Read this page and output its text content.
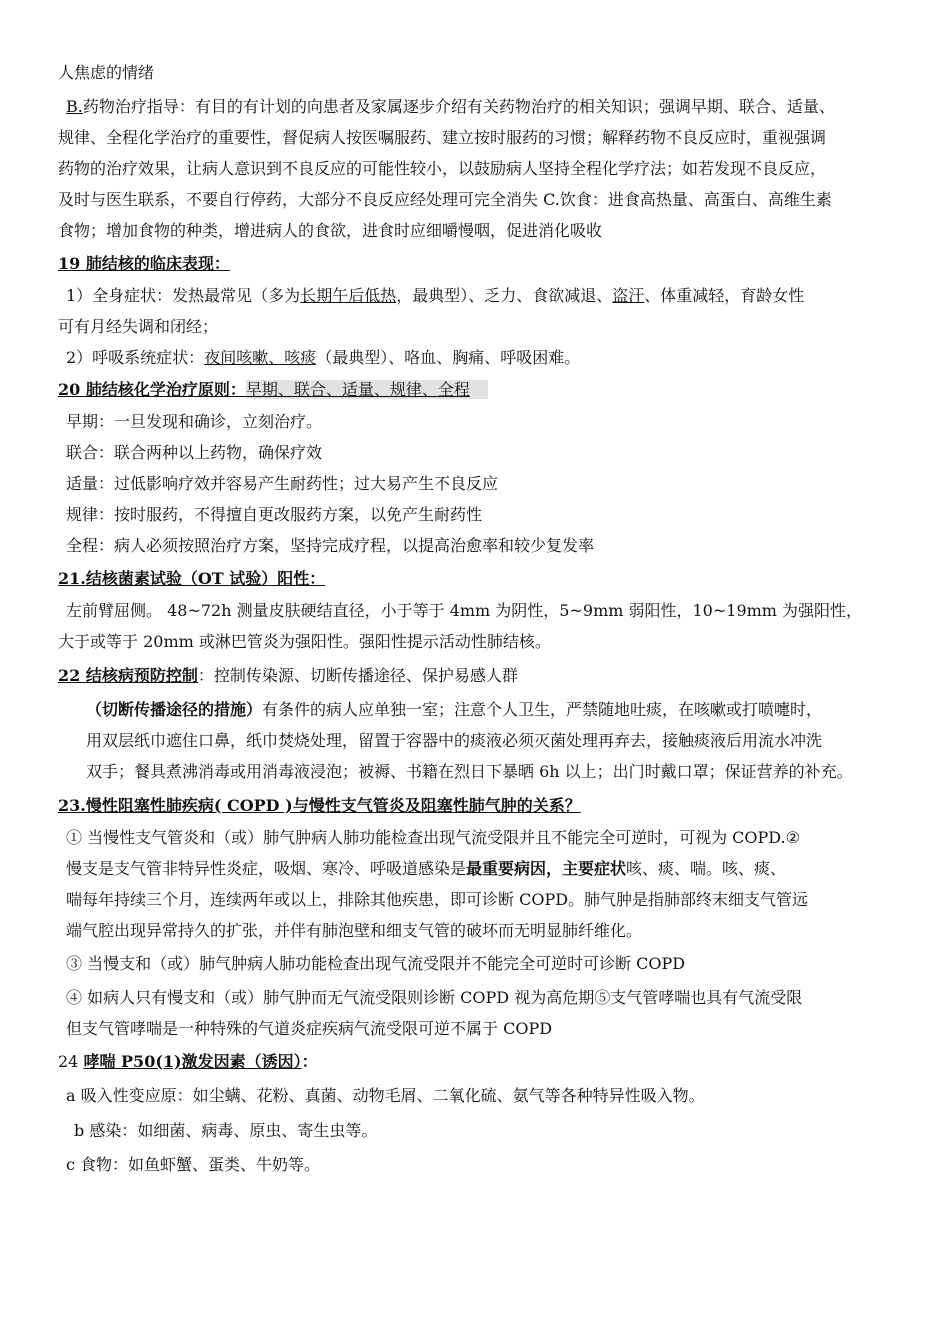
人焦虑的情绪
B.药物治疗指导：有目的有计划的向患者及家属逐步介绍有关药物治疗的相关知识；强调早期、联合、适量、
规律、全程化学治疗的重要性，督促病人按医嘱服药、建立按时服药的习惯；解释药物不良反应时，重视强调
药物的治疗效果，让病人意识到不良反应的可能性较小，以鼓励病人坚持全程化学疗法；如若发现不良反应，
及时与医生联系，不要自行停药，大部分不良反应经处理可完全消失 C.饮食：进食高热量、高蛋白、高维生素
食物；增加食物的种类，增进病人的食欲，进食时应细嚼慢咽，促进消化吸收
19 肺结核的临床表现：
1）全身症状：发热最常见（多为长期午后低热，最典型）、乏力、食欲减退、盗汗、体重减轻，育龄女性
可有月经失调和闭经；
2）呼吸系统症状：夜间咳嗽、咳痰（最典型）、咯血、胸痛、呼吸困难。
20 肺结核化学治疗原则：早期、联合、适量、规律、全程
早期：一旦发现和确诊，立刻治疗。
联合：联合两种以上药物，确保疗效
适量：过低影响疗效并容易产生耐药性；过大易产生不良反应
规律：按时服药，不得擅自更改服药方案，以免产生耐药性
全程：病人必须按照治疗方案，坚持完成疗程，以提高治愈率和较少复发率
21.结核菌素试验（OT 试验）阳性：
左前臂屈侧。 48~72h 测量皮肤硬结直径，小于等于 4mm 为阴性，5~9mm 弱阳性，10~19mm 为强阳性，
大于或等于 20mm 或淋巴管炎为强阳性。强阳性提示活动性肺结核。
22 结核病预防控制：控制传染源、切断传播途径、保护易感人群
（切断传播途径的措施）有条件的病人应单独一室；注意个人卫生，严禁随地吐痰，在咳嗽或打喷嚏时，
用双层纸巾遮住口鼻，纸巾焚烧处理，留置于容器中的痰液必须灭菌处理再弃去，接触痰液后用流水冲洗
双手；餐具煮沸消毒或用消毒液浸泡；被褥、书籍在烈日下暴晒 6h 以上；出门时戴口罩；保证营养的补充。
23.慢性阻塞性肺疾病( COPD )与慢性支气管炎及阻塞性肺气肿的关系？
① 当慢性支气管炎和（或）肺气肿病人肺功能检查出现气流受限并且不能完全可逆时，可视为 COPD.②
慢支是支气管非特异性炎症，吸烟、寒冷、呼吸道感染是最重要病因，主要症状咳、痰、喘。咳、痰、
喘每年持续三个月，连续两年或以上，排除其他疾患，即可诊断 COPD。肺气肿是指肺部终末细支气管远
端气腔出现异常持久的扩张，并伴有肺泡壁和细支气管的破坏而无明显肺纤维化。
③ 当慢支和（或）肺气肿病人肺功能检查出现气流受限并不能完全可逆时可诊断 COPD
④ 如病人只有慢支和（或）肺气肿而无气流受限则诊断 COPD 视为高危期⑤支气管哮喘也具有气流受限
但支气管哮喘是一种特殊的气道炎症疾病气流受限可逆不属于 COPD
24 哮喘 P50(1)激发因素（诱因）：
a 吸入性变应原：如尘螨、花粉、真菌、动物毛屑、二氧化硫、氨气等各种特异性吸入物。
b 感染：如细菌、病毒、原虫、寄生虫等。
c 食物：如鱼虾蟹、蛋类、牛奶等。
